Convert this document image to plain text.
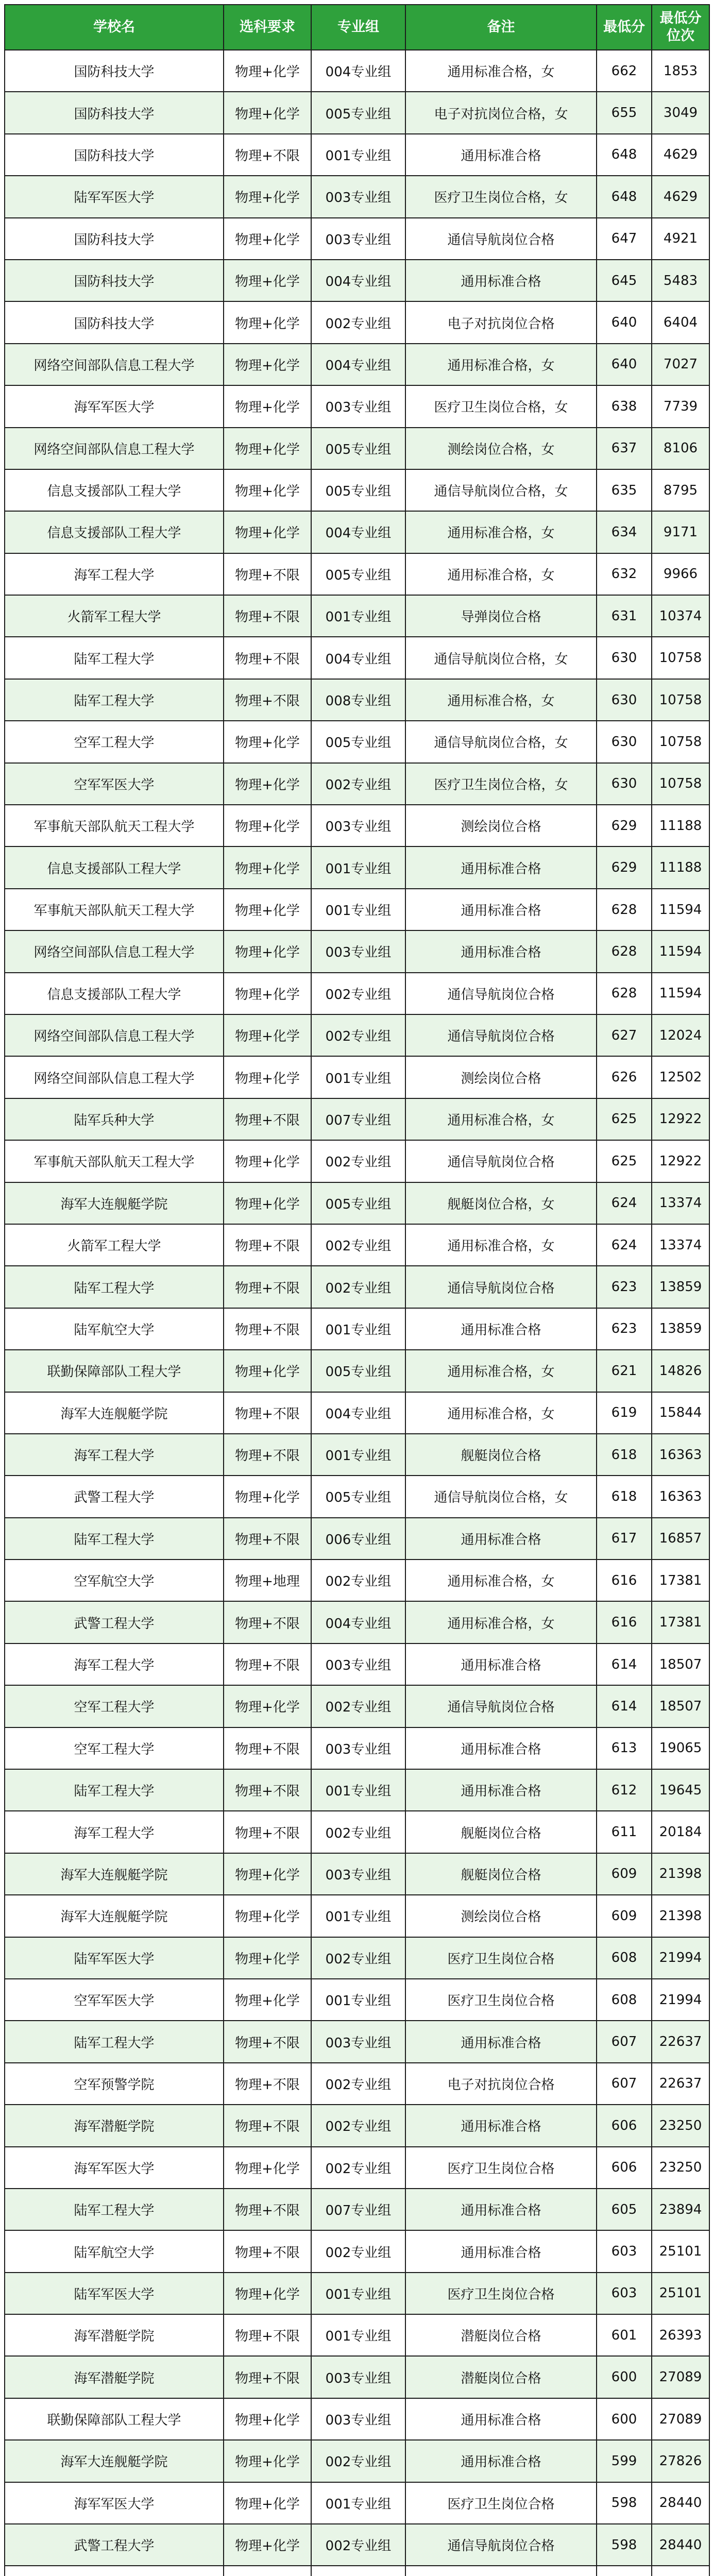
学校名	选科要求	专业组	备注	最低分	最低分位次
国防科技大学	物理+化学	004专业组	通用标准合格，女	662	1853
国防科技大学	物理+化学	005专业组	电子对抗岗位合格，女	655	3049
国防科技大学	物理+不限	001专业组	通用标准合格	648	4629
陆军军医大学	物理+化学	003专业组	医疗卫生岗位合格，女	648	4629
国防科技大学	物理+化学	003专业组	通信导航岗位合格	647	4921
国防科技大学	物理+化学	004专业组	通用标准合格	645	5483
国防科技大学	物理+化学	002专业组	电子对抗岗位合格	640	6404
网络空间部队信息工程大学	物理+化学	004专业组	通用标准合格，女	640	7027
海军军医大学	物理+化学	003专业组	医疗卫生岗位合格，女	638	7739
网络空间部队信息工程大学	物理+化学	005专业组	测绘岗位合格，女	637	8106
信息支援部队工程大学	物理+化学	005专业组	通信导航岗位合格，女	635	8795
信息支援部队工程大学	物理+化学	004专业组	通用标准合格，女	634	9171
海军工程大学	物理+不限	005专业组	通用标准合格，女	632	9966
火箭军工程大学	物理+不限	001专业组	导弹岗位合格	631	10374
陆军工程大学	物理+不限	004专业组	通信导航岗位合格，女	630	10758
陆军工程大学	物理+不限	008专业组	通用标准合格，女	630	10758
空军工程大学	物理+化学	005专业组	通信导航岗位合格，女	630	10758
空军军医大学	物理+化学	002专业组	医疗卫生岗位合格，女	630	10758
军事航天部队航天工程大学	物理+化学	003专业组	测绘岗位合格	629	11188
信息支援部队工程大学	物理+化学	001专业组	通用标准合格	629	11188
军事航天部队航天工程大学	物理+化学	001专业组	通用标准合格	628	11594
网络空间部队信息工程大学	物理+化学	003专业组	通用标准合格	628	11594
信息支援部队工程大学	物理+化学	002专业组	通信导航岗位合格	628	11594
网络空间部队信息工程大学	物理+化学	002专业组	通信导航岗位合格	627	12024
网络空间部队信息工程大学	物理+化学	001专业组	测绘岗位合格	626	12502
陆军兵种大学	物理+不限	007专业组	通用标准合格，女	625	12922
军事航天部队航天工程大学	物理+化学	002专业组	通信导航岗位合格	625	12922
海军大连舰艇学院	物理+化学	005专业组	舰艇岗位合格，女	624	13374
火箭军工程大学	物理+不限	002专业组	通用标准合格，女	624	13374
陆军工程大学	物理+不限	002专业组	通信导航岗位合格	623	13859
陆军航空大学	物理+不限	001专业组	通用标准合格	623	13859
联勤保障部队工程大学	物理+化学	005专业组	通用标准合格，女	621	14826
海军大连舰艇学院	物理+不限	004专业组	通用标准合格，女	619	15844
海军工程大学	物理+不限	001专业组	舰艇岗位合格	618	16363
武警工程大学	物理+化学	005专业组	通信导航岗位合格，女	618	16363
陆军工程大学	物理+不限	006专业组	通用标准合格	617	16857
空军航空大学	物理+地理	002专业组	通用标准合格，女	616	17381
武警工程大学	物理+不限	004专业组	通用标准合格，女	616	17381
海军工程大学	物理+不限	003专业组	通用标准合格	614	18507
空军工程大学	物理+化学	002专业组	通信导航岗位合格	614	18507
空军工程大学	物理+不限	003专业组	通用标准合格	613	19065
陆军工程大学	物理+不限	001专业组	通用标准合格	612	19645
海军工程大学	物理+不限	002专业组	舰艇岗位合格	611	20184
海军大连舰艇学院	物理+化学	003专业组	舰艇岗位合格	609	21398
海军大连舰艇学院	物理+化学	001专业组	测绘岗位合格	609	21398
陆军军医大学	物理+化学	002专业组	医疗卫生岗位合格	608	21994
空军军医大学	物理+化学	001专业组	医疗卫生岗位合格	608	21994
陆军工程大学	物理+不限	003专业组	通用标准合格	607	22637
空军预警学院	物理+不限	002专业组	电子对抗岗位合格	607	22637
海军潜艇学院	物理+不限	002专业组	通用标准合格	606	23250
海军军医大学	物理+化学	002专业组	医疗卫生岗位合格	606	23250
陆军工程大学	物理+不限	007专业组	通用标准合格	605	23894
陆军航空大学	物理+不限	002专业组	通用标准合格	603	25101
陆军军医大学	物理+化学	001专业组	医疗卫生岗位合格	603	25101
海军潜艇学院	物理+不限	001专业组	潜艇岗位合格	601	26393
海军潜艇学院	物理+不限	003专业组	潜艇岗位合格	600	27089
联勤保障部队工程大学	物理+化学	003专业组	通用标准合格	600	27089
海军大连舰艇学院	物理+化学	002专业组	通用标准合格	599	27826
海军军医大学	物理+化学	001专业组	医疗卫生岗位合格	598	28440
武警工程大学	物理+化学	002专业组	通信导航岗位合格	598	28440
